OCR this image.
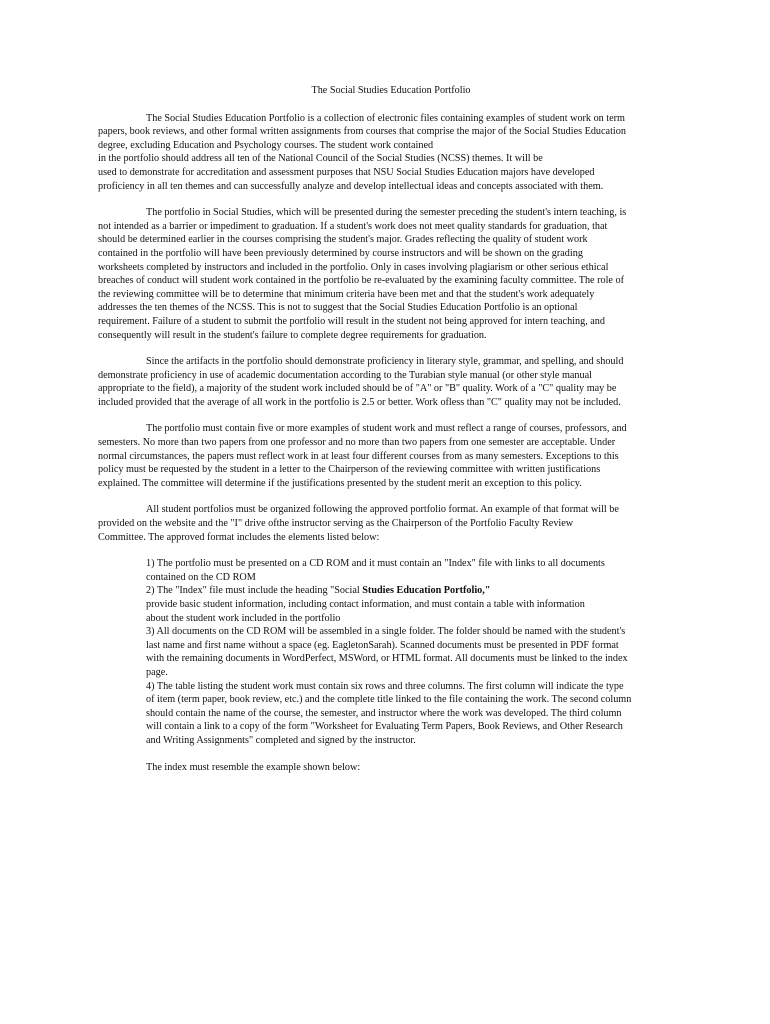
The Social Studies Education Portfolio
The Social Studies Education Portfolio is a collection of electronic files containing examples of student work on term
papers, book reviews, and other formal written assignments from courses that comprise the major of the Social Studies Education
degree, excluding Education and Psychology courses. The student work contained
in the portfolio should address all ten of the National Council of the Social Studies (NCSS) themes. It will be
used to demonstrate for accreditation and assessment purposes that NSU Social Studies Education majors have developed
proficiency in all ten themes and can successfully analyze and develop intellectual ideas and concepts associated with them.
The portfolio in Social Studies, which will be presented during the semester preceding the student's intern teaching, is
not intended as a barrier or impediment to graduation. If a student's work does not meet quality standards for graduation, that
should be determined earlier in the courses comprising the student's major. Grades reflecting the quality of student work
contained in the portfolio will have been previously determined by course instructors and will be shown on the grading
worksheets completed by instructors and included in the portfolio. Only in cases involving plagiarism or other serious ethical
breaches of conduct will student work contained in the portfolio be re-evaluated by the examining faculty committee. The role of
the reviewing committee will be to determine that minimum criteria have been met and that the student's work adequately
addresses the ten themes of the NCSS. This is not to suggest that the Social Studies Education Portfolio is an optional
requirement. Failure of a student to submit the portfolio will result in the student not being approved for intern teaching, and
consequently will result in the student's failure to complete degree requirements for graduation.
Since the artifacts in the portfolio should demonstrate proficiency in literary style, grammar, and spelling, and should
demonstrate proficiency in use of academic documentation according to the Turabian style manual (or other style manual
appropriate to the field), a majority of the student work included should be of "A" or "B" quality. Work of a "C" quality may be
included provided that the average of all work in the portfolio is 2.5 or better. Work ofless than "C" quality may not be included.
The portfolio must contain five or more examples of student work and must reflect a range of courses, professors, and
semesters. No more than two papers from one professor and no more than two papers from one semester are acceptable. Under
normal circumstances, the papers must reflect work in at least four different courses from as many semesters. Exceptions to this
policy must be requested by the student in a letter to the Chairperson of the reviewing committee with written justifications
explained. The committee will determine if the justifications presented by the student merit an exception to this policy.
All student portfolios must be organized following the approved portfolio format. An example of that format will be
provided on the website and the "I" drive ofthe instructor serving as the Chairperson of the Portfolio Faculty Review
Committee. The approved format includes the elements listed below:
1) The portfolio must be presented on a CD ROM and it must contain an "Index" file with links to all documents
contained on the CD ROM
2) The "Index" file must include the heading "Social Studies Education Portfolio,"
provide basic student information, including contact information, and must contain a table with information
about the student work included in the portfolio
3) All documents on the CD ROM will be assembled in a single folder. The folder should be named with the student's
last name and first name without a space (eg. EagletonSarah). Scanned documents must be presented in PDF format
with the remaining documents in WordPerfect, MSWord, or HTML format. All documents must be linked to the index
page.
4) The table listing the student work must contain six rows and three columns. The first column will indicate the type
of item (term paper, book review, etc.) and the complete title linked to the file containing the work. The second column
should contain the name of the course, the semester, and instructor where the work was developed. The third column
will contain a link to a copy of the form "Worksheet for Evaluating Term Papers, Book Reviews, and Other Research
and Writing Assignments" completed and signed by the instructor.
The index must resemble the example shown below:
